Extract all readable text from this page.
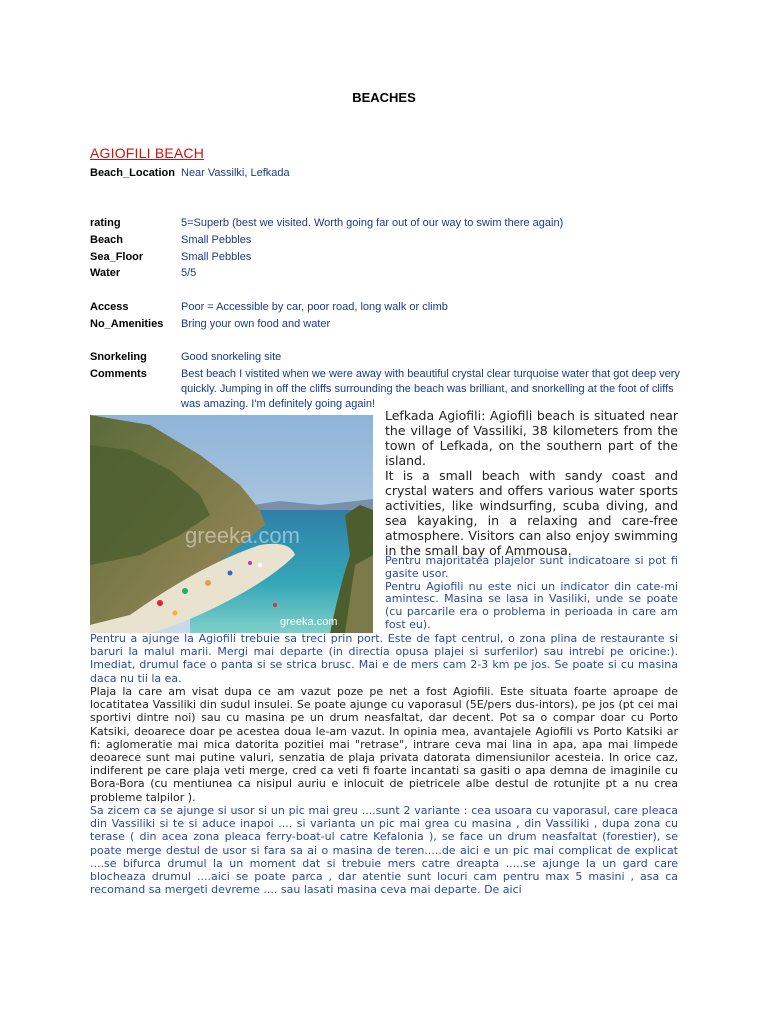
BEACHES
AGIOFILI BEACH
Beach_Location Near Vassilki, Lefkada
rating	5=Superb (best we visited. Worth going far out of our way to swim there again)
Beach	Small Pebbles
Sea_Floor	Small Pebbles
Water	5/5
Access	Poor = Accessible by car, poor road, long walk or climb
No_Amenities	Bring your own food and water
Snorkeling	Good snorkeling site
Comments	Best beach I vistited when we were away with beautiful crystal clear turquoise water that got deep very quickly. Jumping in off the cliffs surrounding the beach was brilliant, and snorkelling at the foot of cliffs was amazing. I'm definitely going again!
greeka.com
greeka.com
Lefkada Agiofili: Agiofili beach is situated near the village of Vassiliki, 38 kilometers from the town of Lefkada, on the southern part of the island.
It is a small beach with sandy coast and crystal waters and offers various water sports activities, like windsurfing, scuba diving, and sea kayaking, in a relaxing and care-free atmosphere. Visitors can also enjoy swimming in the small bay of Ammousa.
Pentru majoritatea plajelor sunt indicatoare si pot fi gasite usor.
Pentru Agiofili nu este nici un indicator din cate-mi amintesc. Masina se lasa in Vasiliki, unde se poate (cu parcarile era o problema in perioada in care am fost eu).
Pentru a ajunge la Agiofili trebuie sa treci prin port. Este de fapt centrul, o zona plina de restaurante si baruri la malul marii. Mergi mai departe (in directia opusa plajei si surferilor) sau intrebi pe oricine:). Imediat, drumul face o panta si se strica brusc. Mai e de mers cam 2-3 km pe jos. Se poate si cu masina daca nu tii la ea.
Plaja la care am visat dupa ce am vazut poze pe net a fost Agiofili. Este situata foarte aproape de locatitatea Vassiliki din sudul insulei. Se poate ajunge cu vaporasul (5E/pers dus-intors), pe jos (pt cei mai sportivi dintre noi) sau cu masina pe un drum neasfaltat, dar decent. Pot sa o compar doar cu Porto Katsiki, deoarece doar pe acestea doua le-am vazut. In opinia mea, avantajele Agiofili vs Porto Katsiki ar fi: aglomeratie mai mica datorita pozitiei mai "retrase", intrare ceva mai lina in apa, apa mai limpede deoarece sunt mai putine valuri, senzatia de plaja privata datorata dimensiunilor acesteia. In orice caz, indiferent pe care plaja veti merge, cred ca veti fi foarte incantati sa gasiti o apa demna de imaginile cu Bora-Bora (cu mentiunea ca nisipul auriu e inlocuit de pietricele albe destul de rotunjite pt a nu crea probleme talpilor ).
Sa zicem ca se ajunge si usor si un pic mai greu ....sunt 2 variante : cea usoara cu vaporasul, care pleaca din Vassiliki si te si aduce inapoi .... si varianta un pic mai grea cu masina , din Vassiliki , dupa zona cu terase ( din acea zona pleaca ferry-boat-ul catre Kefalonia ), se face un drum neasfaltat (forestier), se poate merge destul de usor si fara sa ai o masina de teren.....de aici e un pic mai complicat de explicat ....se bifurca drumul la un moment dat si trebuie mers catre dreapta .....se ajunge la un gard care blocheaza drumul ....aici se poate parca , dar atentie sunt locuri cam pentru max 5 masini , asa ca recomand sa mergeti devreme .... sau lasati masina ceva mai departe. De aici
